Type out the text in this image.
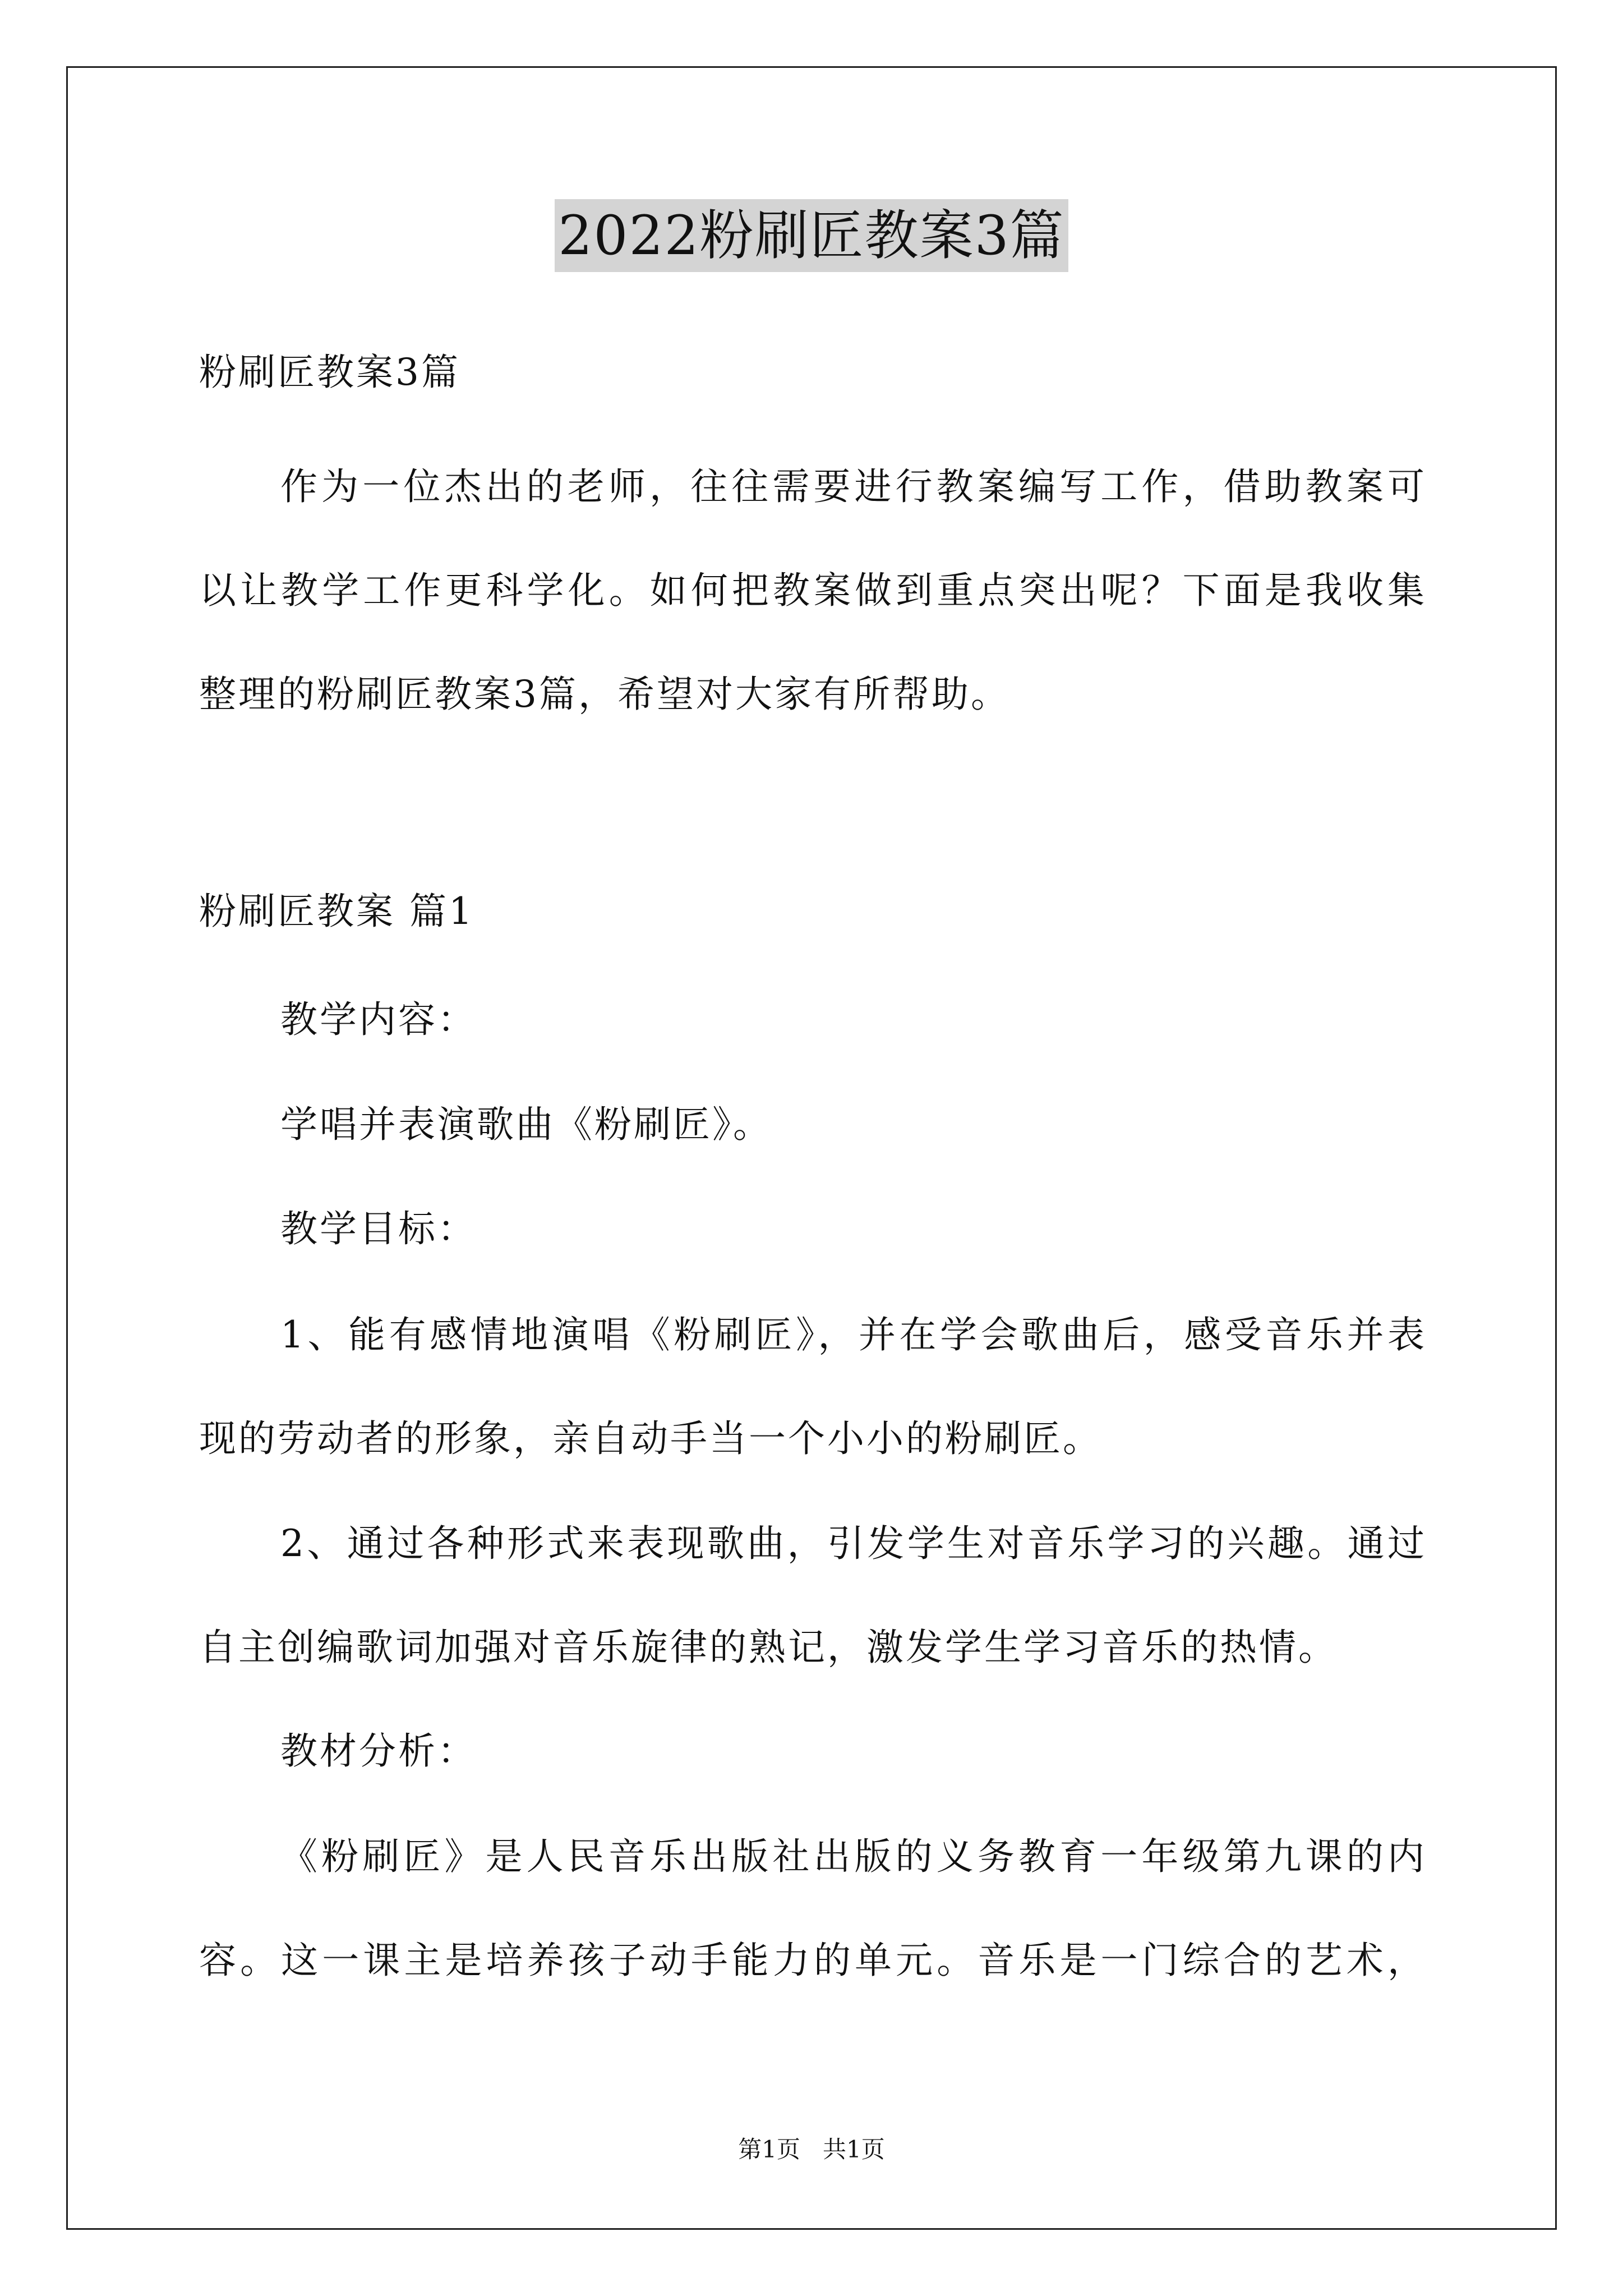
2022粉刷匠教案3篇
粉刷匠教案3篇
作为一位杰出的老师，往往需要进行教案编写工作，借助教案可
以让教学工作更科学化。如何把教案做到重点突出呢？下面是我收集
整理的粉刷匠教案3篇，希望对大家有所帮助。
粉刷匠教案 篇1
教学内容：
学唱并表演歌曲《粉刷匠》。
教学目标：
1、能有感情地演唱《粉刷匠》，并在学会歌曲后，感受音乐并表
现的劳动者的形象，亲自动手当一个小小的粉刷匠。
2、通过各种形式来表现歌曲，引发学生对音乐学习的兴趣。通过
自主创编歌词加强对音乐旋律的熟记，激发学生学习音乐的热情。
教材分析：
《粉刷匠》是人民音乐出版社出版的义务教育一年级第九课的内
容。这一课主是培养孩子动手能力的单元。音乐是一门综合的艺术，
第1页   共1页
